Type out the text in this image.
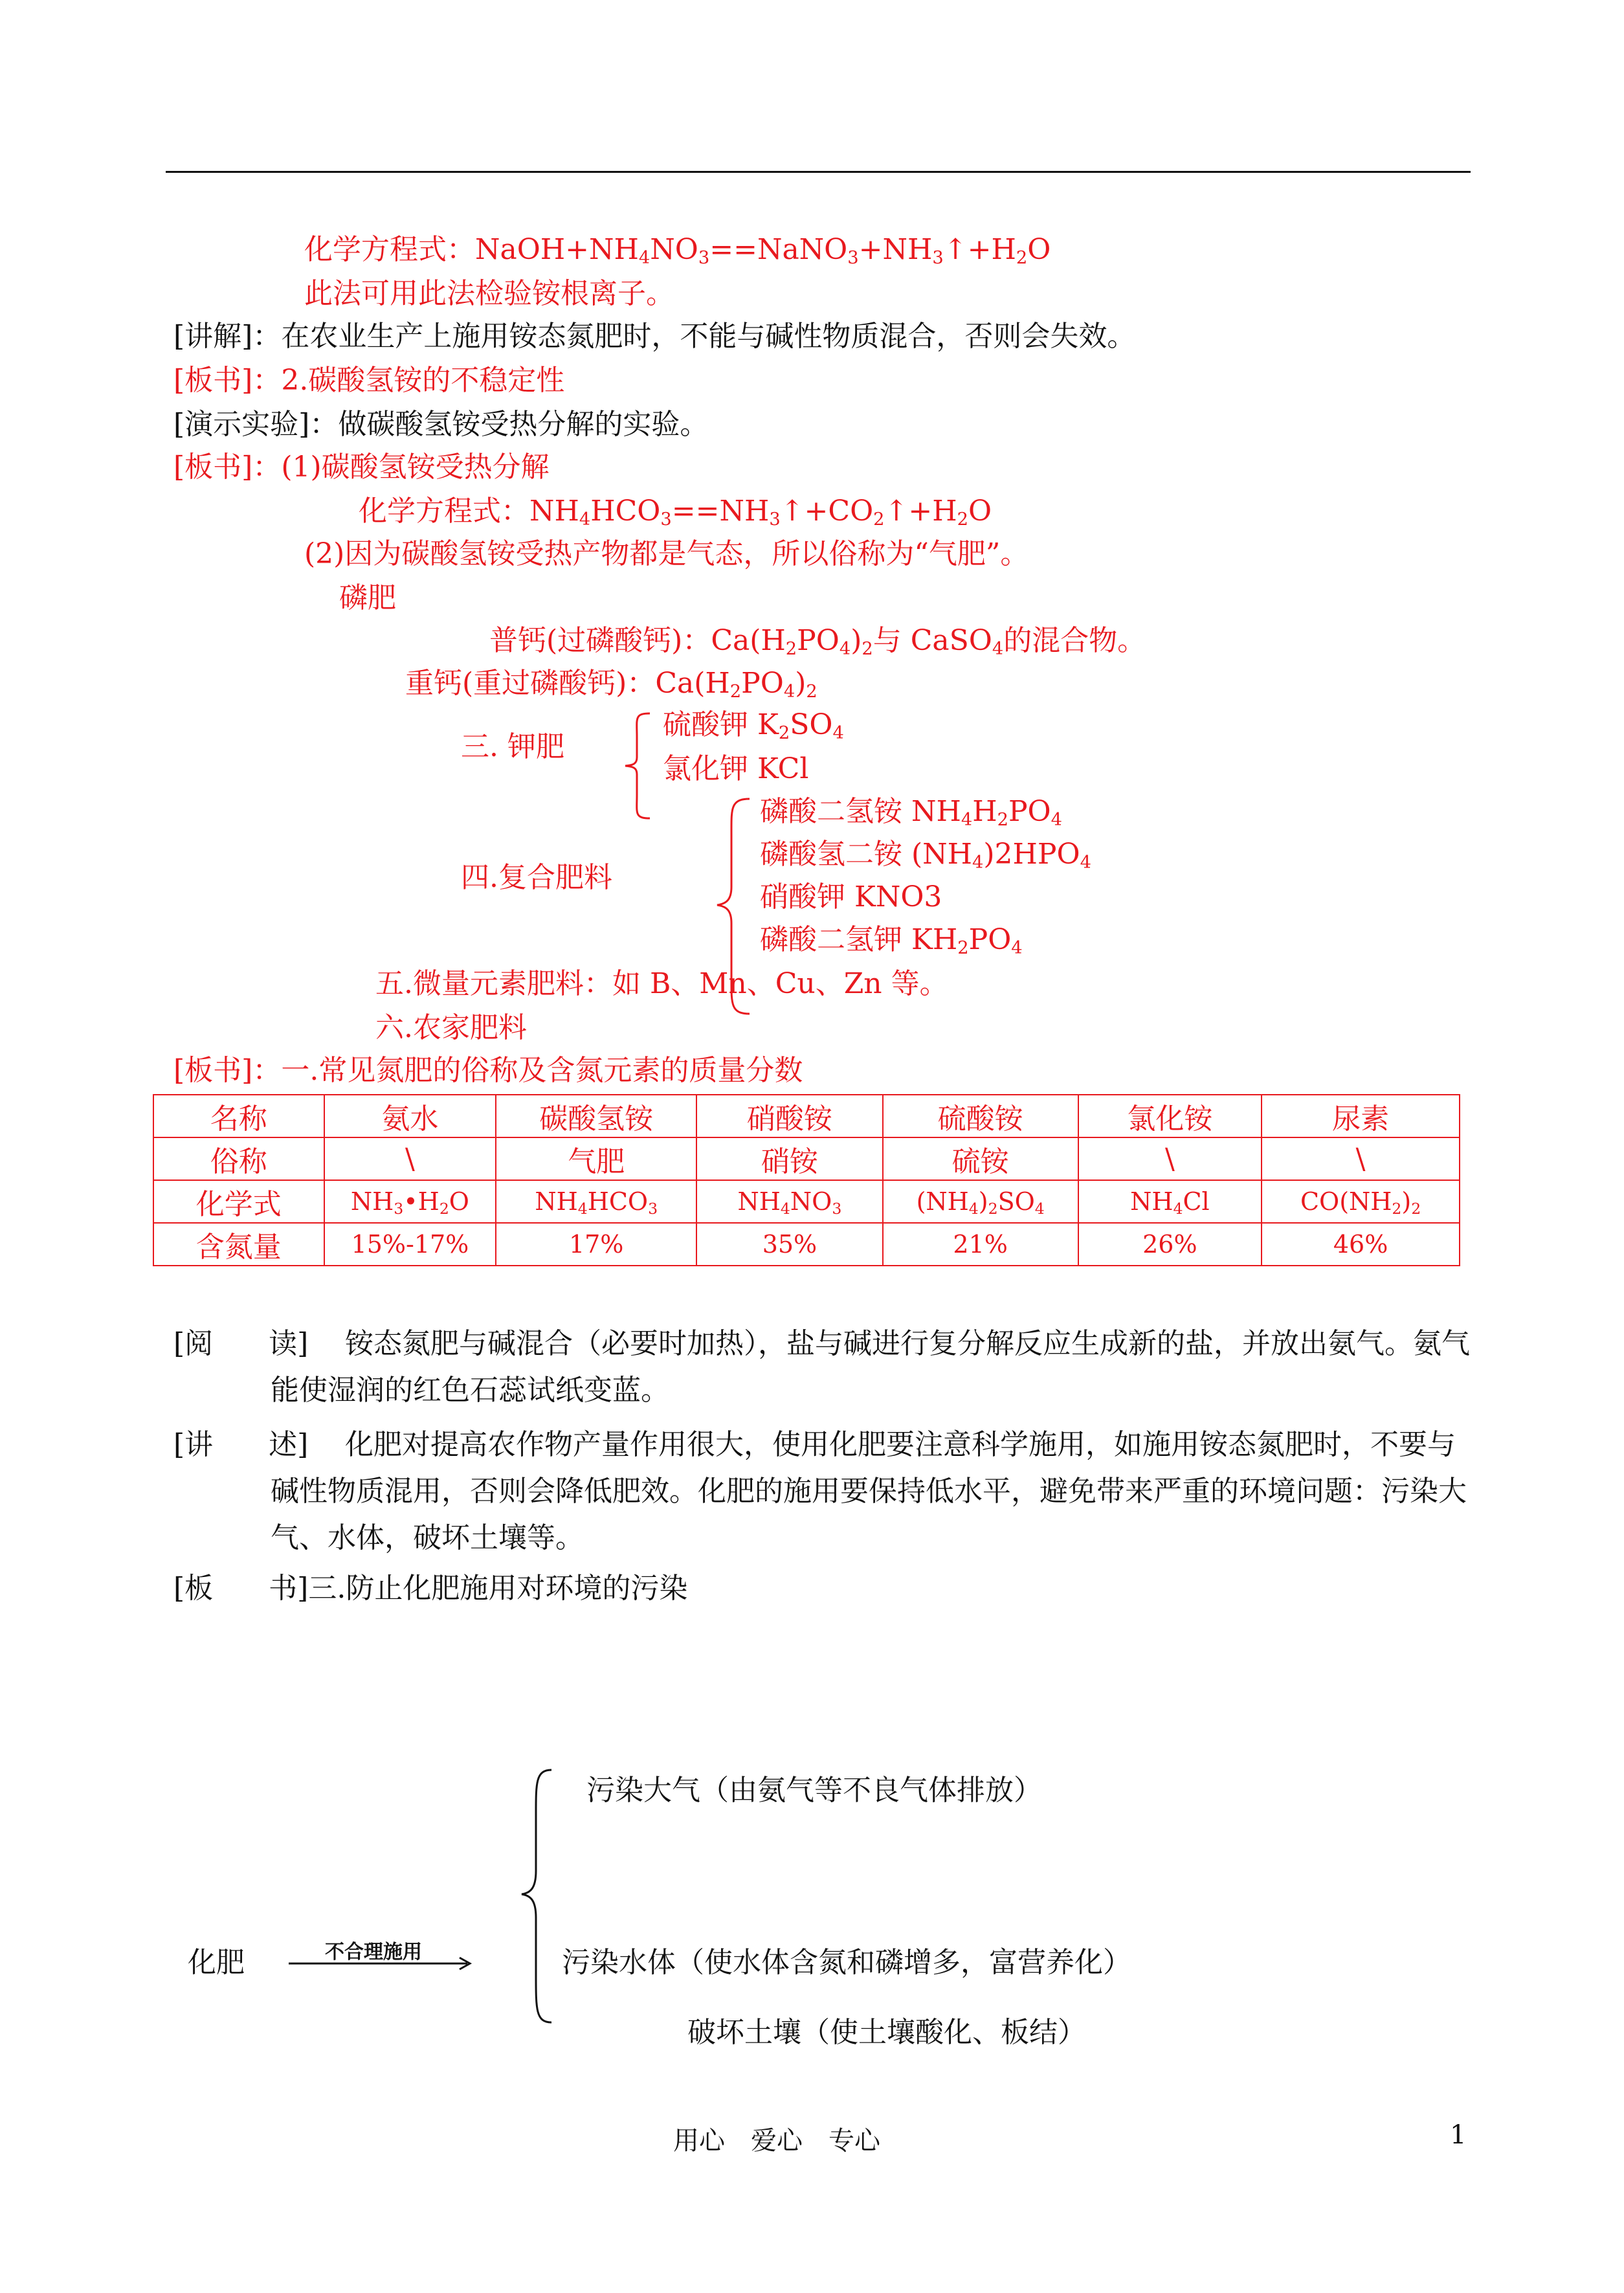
化学方程式：$NaOH+NH_4NO_3==NaNO_3+NH_3↑+H_2O$
此法可用此法检验铵根离子。
[讲解]：在农业生产上施用铵态氮肥时，不能与碱性物质混合，否则会失效。
[板书]：2.碳酸氢铵的不稳定性
[演示实验]：做碳酸氢铵受热分解的实验。
[板书]：(1)碳酸氢铵受热分解
化学方程式：$NH_4HCO_3==NH_3↑+CO_2↑+H_2O$
(2)因为碳酸氢铵受热产物都是气态，所以俗称为“气肥”。
磷肥
普钙(过磷酸钙)：$Ca(H_2PO_4)_2$与 CaSO$_4$的混合物。
重钙(重过磷酸钙)：$Ca(H_2PO_4)_2$
三. 钾肥
硫酸钾 $K_2SO_4$
氯化钾 KCl
四.复合肥料
磷酸二氢铵 $NH_4H_2PO_4$
磷酸氢二铵 $(NH_4)2HPO_4$
硝酸钾 KNO3
磷酸二氢钾 $KH_2PO_4$
五.微量元素肥料：如 B、Mn、Cu、Zn 等。
六.农家肥料
[板书]：一.常见氮肥的俗称及含氮元素的质量分数
名称	氨水	碳酸氢铵	硝酸铵	硫酸铵	氯化铵	尿素
俗称	\	气肥	硝铵	硫铵	\	\
化学式	$NH_3•H_2O$	$NH_4HCO_3$	$NH_4NO_3$	$(NH_4)_2SO_4$	$NH_4Cl$	$CO(NH_2)_2$
含氮量	15%-17%	17%	35%	21%	26%	46%
[阅 读]	铵态氮肥与碱混合（必要时加热），盐与碱进行复分解反应生成新的盐，并放出氨气。氨气能使湿润的红色石蕊试纸变蓝。
[讲 述]	化肥对提高农作物产量作用很大，使用化肥要注意科学施用，如施用铵态氮肥时，不要与碱性物质混用，否则会降低肥效。化肥的施用要保持低水平，避免带来严重的环境问题：污染大气、水体，破坏土壤等。
[板 书]三.防止化肥施用对环境的污染
化肥	不合理施用
污染大气（由氨气等不良气体排放）
污染水体（使水体含氮和磷增多，富营养化）
破坏土壤（使土壤酸化、板结）
用心　爱心　专心	1
